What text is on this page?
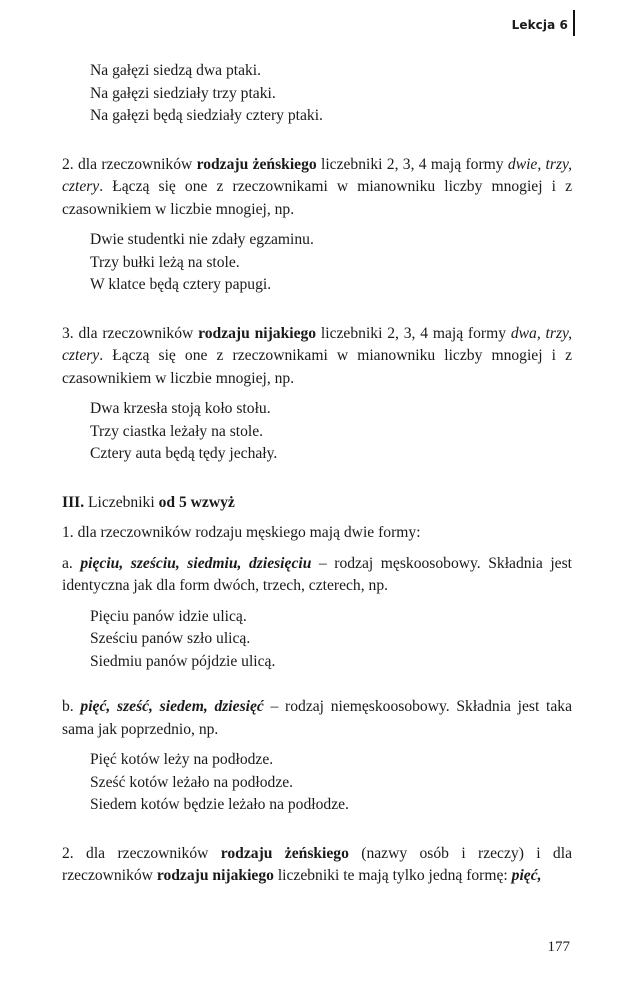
Lekcja 6
Na gałęzi siedzą dwa ptaki.
Na gałęzi siedziały trzy ptaki.
Na gałęzi będą siedziały cztery ptaki.

2. dla rzeczowników rodzaju żeńskiego liczebniki 2, 3, 4 mają formy dwie, trzy, cztery. Łączą się one z rzeczownikami w mianowniku liczby mnogiej i z czasownikiem w liczbie mnogiej, np.

Dwie studentki nie zdały egzaminu.
Trzy bułki leżą na stole.
W klatce będą cztery papugi.

3. dla rzeczowników rodzaju nijakiego liczebniki 2, 3, 4 mają formy dwa, trzy, cztery. Łączą się one z rzeczownikami w mianowniku liczby mnogiej i z czasownikiem w liczbie mnogiej, np.

Dwa krzesła stoją koło stołu.
Trzy ciastka leżały na stole.
Cztery auta będą tędy jechały.

III. Liczebniki od 5 wzwyż

1. dla rzeczowników rodzaju męskiego mają dwie formy:

a. pięciu, sześciu, siedmiu, dziesięciu – rodzaj męskoosobowy. Składnia jest identyczna jak dla form dwóch, trzech, czterech, np.

Pięciu panów idzie ulicą.
Sześciu panów szło ulicą.
Siedmiu panów pójdzie ulicą.

b. pięć, sześć, siedem, dziesięć – rodzaj niemęskoosobowy. Składnia jest taka sama jak poprzednio, np.

Pięć kotów leży na podłodze.
Sześć kotów leżało na podłodze.
Siedem kotów będzie leżało na podłodze.

2. dla rzeczowników rodzaju żeńskiego (nazwy osób i rzeczy) i dla rzeczowników rodzaju nijakiego liczebniki te mają tylko jedną formę: pięć,

177
